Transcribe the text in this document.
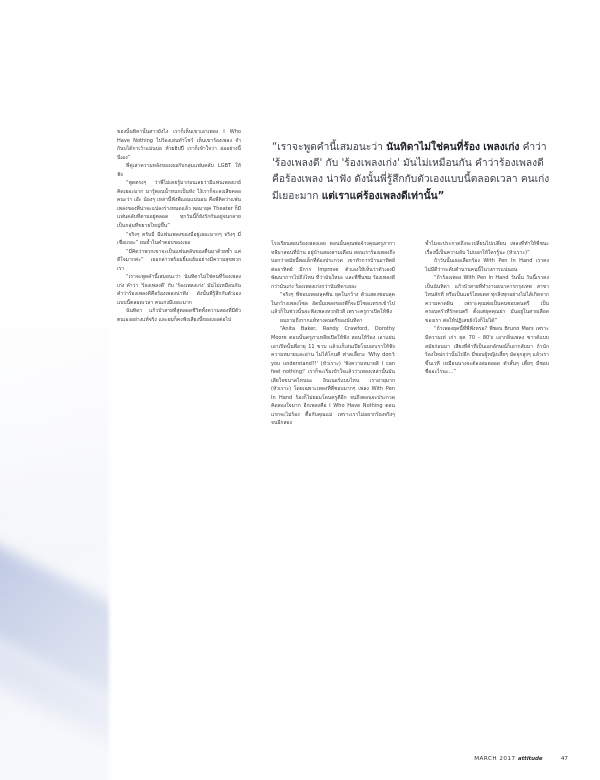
“เราจะพูดคำนี้เสมอนะว่า นันทิดาไม่ใช่คนที่ร้อง เพลงเก่ง คำว่า 'ร้องเพลงดี' กับ 'ร้องเพลงเก่ง' มันไม่เหมือนกัน คำว่าร้องเพลงดีคือร้องเพลง น่าฟัง ดังนั้นพี่รู้สึกกับตัวเองแบบนี้ตลอดเวลา คนเก่งมีเยอะมาก แต่เราแค่ร้องเพลงดีเท่านั้น”

ของนั้นทิคานั้นสาวยังไง เราก็เห็นเขาเอาเพลง I Who Have Nothing ไปร้องเล่นทำโชว์ เห็นเขาร้องเพลง จำกันบได้กาเว้าแม่นบ่อ ห้วยฮิปปี่ เราก็เข้าใจว่า อ่ออย่างนี้นี่เอง”

พี่คู่เล่าความหลังของเธอกับกลุ่มแฟนคลับ LGBT ให้ฟัง

“พูดตรงๆ ว่าพี่ไม่เคยรู้มาก่อนเลยว่ามีแฟนเพลงเกย์คิดเยอะมาก มารู้ตอนน้ำหนกเป็นหัง ไง้เราก็จะลงเสียคลอคนะว่า เอ๊ะ น้องๆ เหล่านี้ฟังพี่แอมแน่นอน คือพี่คิดว่าแฟนเพลงของพี่น่าจะแปลงร่างหมดแล้ว พอมายุค Theater ก็มีแฟนคลับที่ตามอยู่ตลอด ทุกวันนี้ก็ยังรักกันอยู่จนกลายเป็นกลุ่มที่ขยายใหญ่ขึ้น”

“จริงๆ ครับมี่ มีแฟนเพลงของมี่อยู่เยอะมากๆ จริงๆ มี่เชื่อเถอะ” ผมย้ำในคำตอบของเธอ

“มี่คิดว่าพวกเขาจะเป็นแฟนคลับของตื่นมาด้วยซ้ำ แค่ดีใจมากค่ะ” เธอกล่าวพร้อมยิ้มแย้มอย่างมีความสุขพวกเรา

“เราจะพูดคำนี้เสมอนะว่า นันทิดาไม่ใช่คนที่ร้องเพลงเก่ง คำว่า 'ร้องเพลงดี' กับ 'ร้องเพลงเก่ง' มันไม่เหมือนกัน คำว่าร้องเพลงดีคือร้องเพลงน่าฟัง ดังนั้นพี่รู้สึกกับตัวเองแบบนี้ตลอดเวลา คนเก่งมีเยอะมาก

นันทิดา แก้วบัวสายที่สู่ตลอดชีวิตทั้งความสองที่มีตัวตนเองอย่างแท้จริง และผมก็คงฟังเสียงนี้ของเธอต่อไป

โรงเรียนสอนร้องเพลงเลย ตอนนั้นคุณพ่อจ้างคุณครูภากาหลีมาสอนที่บ้าน อยู่บ้านสองสามเดือน สอนเราร้องเพลงถึงบอกว่าสมัยนี้พอเด็กที่ต้องประกวด เขาทำการบ้านอาทิตย์ต่ออาทิตย์ มีการ Improve ตัวเองให้เห็นว่าตัวเองมีพัฒนาการไปถึงไหน ที่ว่ามันใหมะ และพี่ชื่นชม ร้องเพลงดีกว่ามันเก่ง ร้องเพลงเก่งกว่านันทิดาเยอะ

“จริงๆ พี่ชอบเพลงลุคพิน ยุคในกว้าง ตัวแสดงชอบลุคในกว้างเพลงโซล อัดบั้มเพลงของพี่ก็จะมีโซลแทรกเข้าไป แล้วก็ในช่วงนั้นจะฟังเพลงหวกผิวสี เพราะครูกาเปิดให้ฟัง

ผมถามถึงรากแท้ทางดนตรีของนันทิดา

“Anita Baker, Randy Crawford, Dorothy Moore ตอนนั้นครูภาเหลียเปิดให้ฟัง สอนให้ร้อง เอาแผ่นเอาเปิดนั้นพี่อายุ 11 ขวบ แล้วแก็เล่นเปียโนบอกเราให้ฟังความหมายและอ่าน ไม่ได้โกนตี ฟาดเลี้ยวะ 'Why don't you understand?!' (หัวเราะ) 'ฟังความหมายสิ I can feel nothing!' เราก็จะเริ่มเข้าใจแล้วว่าเพลงเหล่านั้นมันเสียใจขนาดไหนนะ อินเนอร์แบบไหน เราอายุมาก (หัวเราะ) โดยเฉพาะเพลงที่พี่ชอบมากๆ เพลง With Pen In Hand ร้องก็ไม่ยอมโดนครูตีอีก จนถึงตอนจะประกวดคิดสองใจมาก อีกเพลงคือ I Who Have Nothing ตอนแรกจะไม่ร้อง ตื้อกับคุณแม่ เพราะเราไม่อยากร้องจริงๆ จนอีกสอง

ช้ำไมจะประกวดถึงจะเปลี่ยนไปเปลี่ยน เพลงที่ทำให้พี่ชนะ เรื่องนี้เป็นความลับ ไม่บอกให้ใครรู้นะ (หัวเราะ)”

ถ้าวันนั้นเธอเลือกร้อง With Pen In Hand เราคงไม่มีดีว่าระดับตำนานคนนี้ในวงการแน่นอน

“ถ้าร้องเพลง With Pen In Hand วันนั้น วันนี้เราคงเป็นนันทิดา แก้วบัวสายที่ทำงานธนาคารกรุงเทพ สาขาไหนสักที่ หรือเป็นแอร์โฮสเตส ทุกสิ่งทุกอย่างไม่ได้เกิดจากความคาดฝัน เพราะคุณพ่อเป็นคนชอบดนตรี เป็นครอบครัวที่รักดนตรี ตั้งแต่ยุคคุณย่า มันอยู่ในสายเลือดของเรา ต่อให้ปฏิเสธยังไงก็ไม่ได้”

“ถ้าเพลงยุคนี้ที่พี่ฟังหรอ? พี่ชอบ Bruno Mars เพราะมีความเท่ เก่า ยุค 70 - 80's เอากลิ่นเพลง ซาวด์แบบสมัยก่อนมา เสียงที่ค้าที่เป็นเอกลักษณ์ก็เอากลับมา ถ้านักร้องใหม่กว่านั้นไปอีก มี่ชอบผู้หญิงเสี้ยๆ มัดจุกสูงๆ แล้วเราขึ้นเวที เหมือนนางจะต้องล่มตลอด ตัวสั้นๆ เตี้ยๆ มี่ชอบ ชื่ออะไรนะ...”

MARCH 2017 attitude	47
